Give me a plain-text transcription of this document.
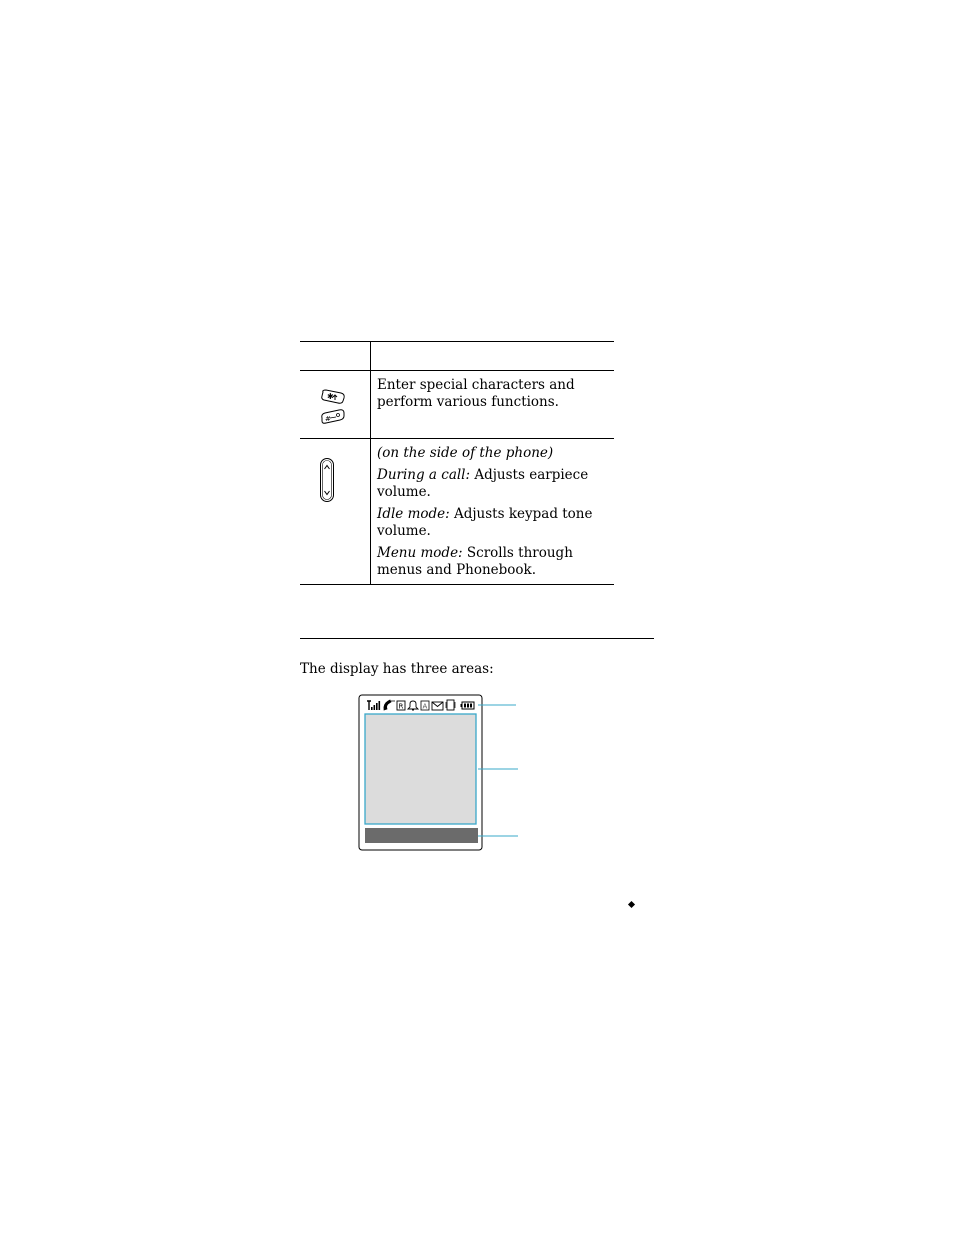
✱
#

Enter special characters and perform various functions.

(on the side of the phone)

During a call: Adjusts earpiece volume.

Idle mode: Adjusts keypad tone volume.

Menu mode: Scrolls through menus and Phonebook.

The display has three areas:
R	A
